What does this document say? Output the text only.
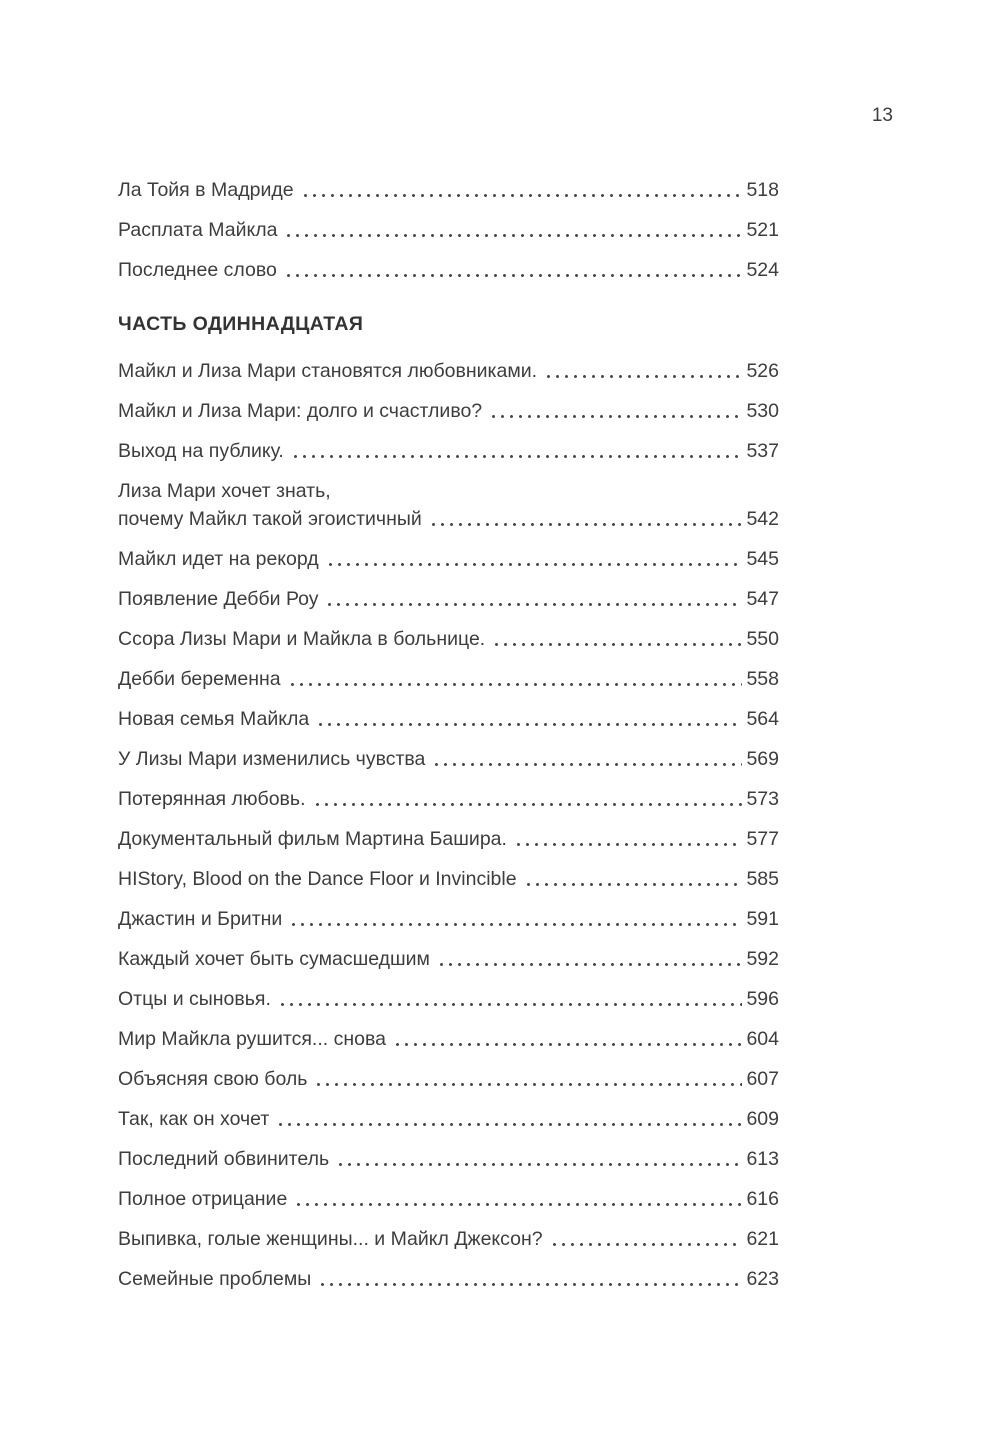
13
Ла Тойя в Мадриде	518
Расплата Майкла	521
Последнее слово	524
ЧАСТЬ ОДИННАДЦАТАЯ
Майкл и Лиза Мари становятся любовниками.	526
Майкл и Лиза Мари: долго и счастливо?	530
Выход на публику.	537
Лиза Мари хочет знать,
почему Майкл такой эгоистичный	542
Майкл идет на рекорд	545
Появление Дебби Роу	547
Ссора Лизы Мари и Майкла в больнице.	550
Дебби беременна	558
Новая семья Майкла	564
У Лизы Мари изменились чувства	569
Потерянная любовь.	573
Документальный фильм Мартина Башира.	577
HIStory, Blood on the Dance Floor и Invincible	585
Джастин и Бритни	591
Каждый хочет быть сумасшедшим	592
Отцы и сыновья.	596
Мир Майкла рушится... снова	604
Объясняя свою боль	607
Так, как он хочет	609
Последний обвинитель	613
Полное отрицание	616
Выпивка, голые женщины... и Майкл Джексон?	621
Семейные проблемы	623
